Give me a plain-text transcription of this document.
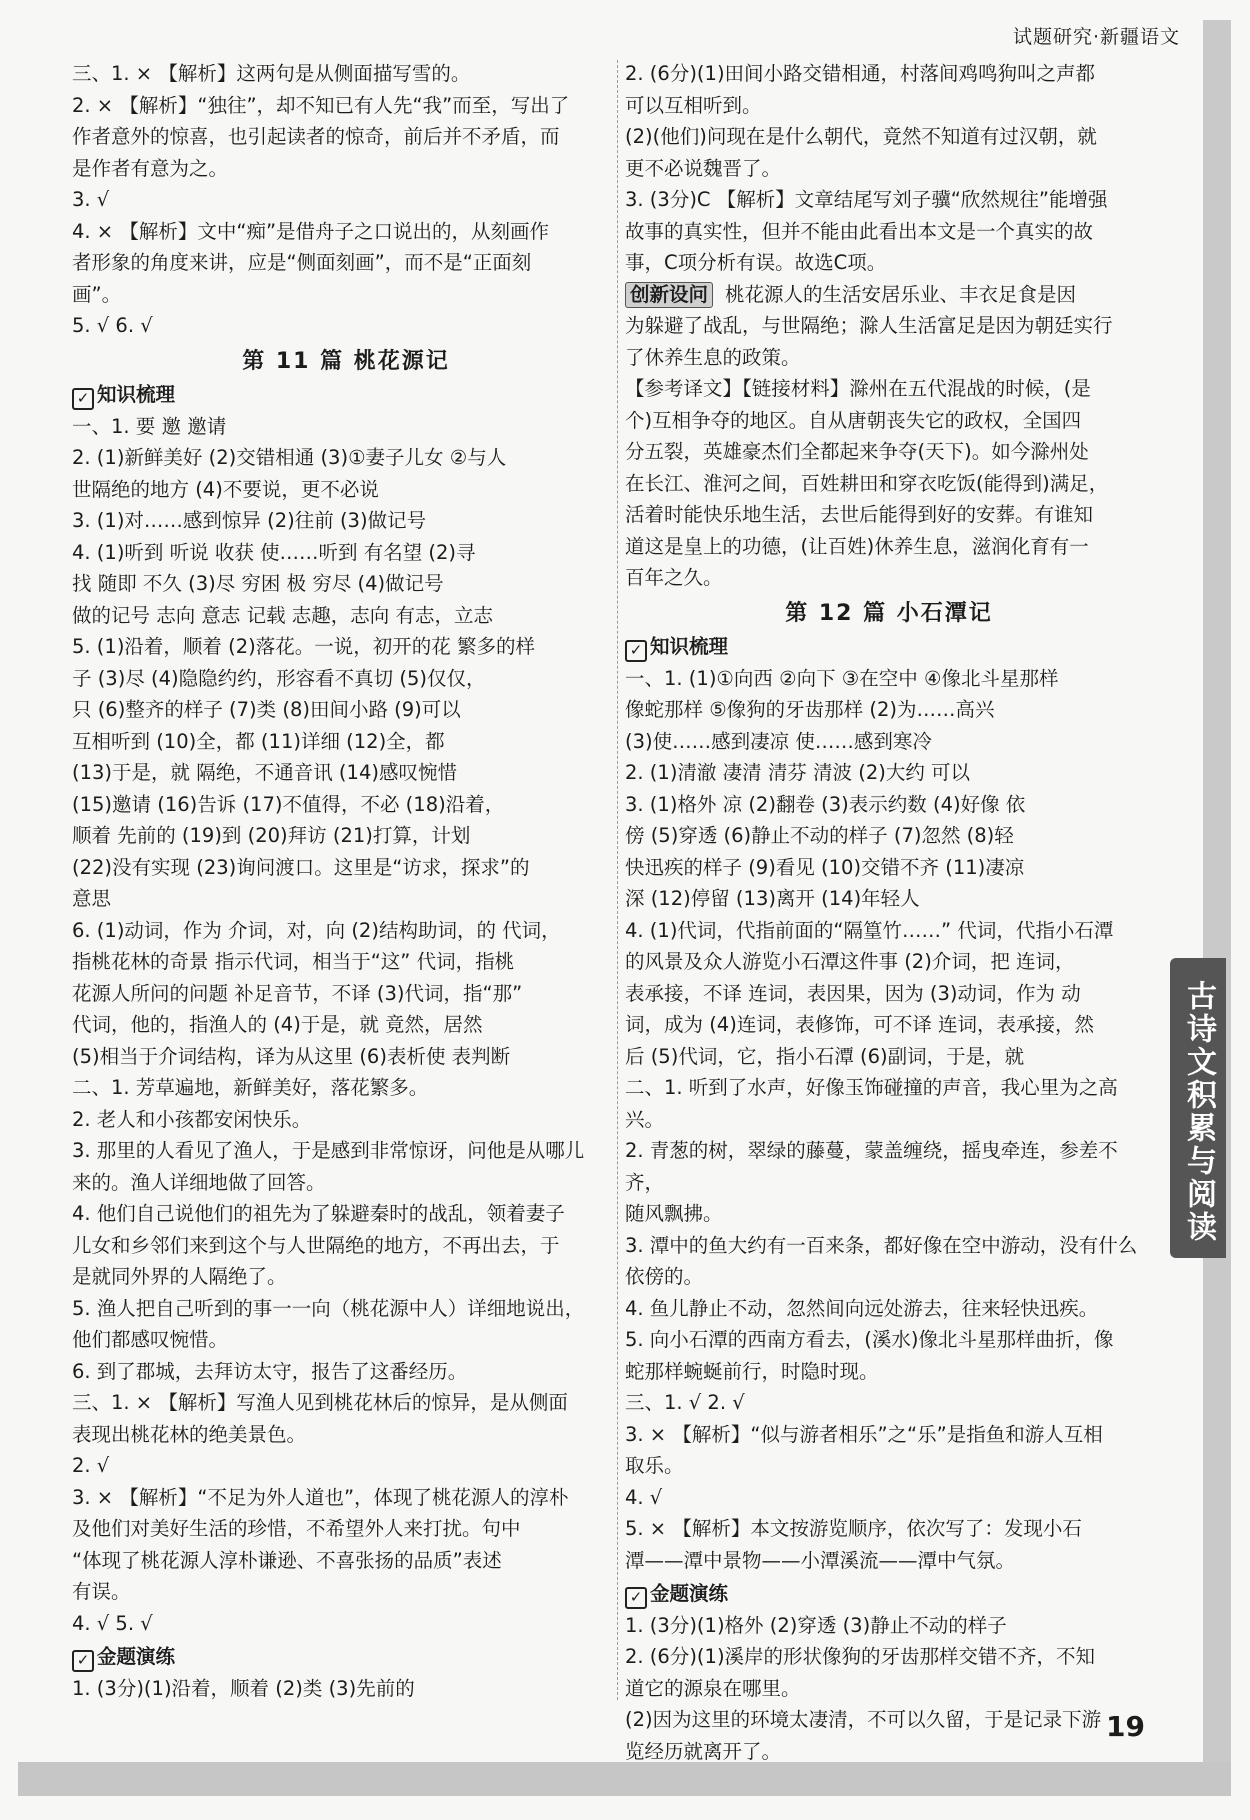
试题研究·新疆语文
三、1. × 【解析】这两句是从侧面描写雪的。
2. × 【解析】“独往”，却不知已有人先“我”而至，写出了
作者意外的惊喜，也引起读者的惊奇，前后并不矛盾，而
是作者有意为之。
3. √
4. × 【解析】文中“痴”是借舟子之口说出的，从刻画作
者形象的角度来讲，应是“侧面刻画”，而不是“正面刻
画”。
5. √ 6. √
第 11 篇 桃花源记
✓ 知识梳理
一、1. 要 邀 邀请
2. (1)新鲜美好 (2)交错相通 (3)①妻子儿女 ②与人
世隔绝的地方 (4)不要说，更不必说
3. (1)对……感到惊异 (2)往前 (3)做记号
4. (1)听到 听说 收获 使……听到 有名望 (2)寻
找 随即 不久 (3)尽 穷困 极 穷尽 (4)做记号
做的记号 志向 意志 记载 志趣，志向 有志，立志
5. (1)沿着，顺着 (2)落花。一说，初开的花 繁多的样
子 (3)尽 (4)隐隐约约，形容看不真切 (5)仅仅，
只 (6)整齐的样子 (7)类 (8)田间小路 (9)可以
互相听到 (10)全，都 (11)详细 (12)全，都
(13)于是，就 隔绝，不通音讯 (14)感叹惋惜
(15)邀请 (16)告诉 (17)不值得，不必 (18)沿着，
顺着 先前的 (19)到 (20)拜访 (21)打算，计划
(22)没有实现 (23)询问渡口。这里是“访求，探求”的
意思
6. (1)动词，作为 介词，对，向 (2)结构助词，的 代词，
指桃花林的奇景 指示代词，相当于“这” 代词，指桃
花源人所问的问题 补足音节，不译 (3)代词，指“那”
代词，他的，指渔人的 (4)于是，就 竟然，居然
(5)相当于介词结构，译为从这里 (6)表析使 表判断
二、1. 芳草遍地，新鲜美好，落花繁多。
2. 老人和小孩都安闲快乐。
3. 那里的人看见了渔人，于是感到非常惊讶，问他是从哪儿
来的。渔人详细地做了回答。
4. 他们自己说他们的祖先为了躲避秦时的战乱，领着妻子
儿女和乡邻们来到这个与人世隔绝的地方，不再出去，于
是就同外界的人隔绝了。
5. 渔人把自己听到的事一一向（桃花源中人）详细地说出，
他们都感叹惋惜。
6. 到了郡城，去拜访太守，报告了这番经历。
三、1. × 【解析】写渔人见到桃花林后的惊异，是从侧面
表现出桃花林的绝美景色。
2. √
3. × 【解析】“不足为外人道也”，体现了桃花源人的淳朴
及他们对美好生活的珍惜，不希望外人来打扰。句中
“体现了桃花源人淳朴谦逊、不喜张扬的品质”表述
有误。
4. √ 5. √
✓ 金题演练
1. (3分)(1)沿着，顺着 (2)类 (3)先前的
2. (6分)(1)田间小路交错相通，村落间鸡鸣狗叫之声都
可以互相听到。
(2)(他们)问现在是什么朝代，竟然不知道有过汉朝，就
更不必说魏晋了。
3. (3分)C 【解析】文章结尾写刘子骥“欣然规往”能增强
故事的真实性，但并不能由此看出本文是一个真实的故
事，C项分析有误。故选C项。
创新设问 桃花源人的生活安居乐业、丰衣足食是因
为躲避了战乱，与世隔绝；滁人生活富足是因为朝廷实行
了休养生息的政策。
【参考译文】【链接材料】滁州在五代混战的时候，(是
个)互相争夺的地区。自从唐朝丧失它的政权，全国四
分五裂，英雄豪杰们全都起来争夺(天下)。如今滁州处
在长江、淮河之间，百姓耕田和穿衣吃饭(能得到)满足，
活着时能快乐地生活，去世后能得到好的安葬。有谁知
道这是皇上的功德，(让百姓)休养生息，滋润化育有一
百年之久。
第 12 篇 小石潭记
✓ 知识梳理
一、1. (1)①向西 ②向下 ③在空中 ④像北斗星那样
像蛇那样 ⑤像狗的牙齿那样 (2)为……高兴
(3)使……感到凄凉 使……感到寒冷
2. (1)清澈 凄清 清芬 清波 (2)大约 可以
3. (1)格外 凉 (2)翻卷 (3)表示约数 (4)好像 依
傍 (5)穿透 (6)静止不动的样子 (7)忽然 (8)轻
快迅疾的样子 (9)看见 (10)交错不齐 (11)凄凉
深 (12)停留 (13)离开 (14)年轻人
4. (1)代词，代指前面的“隔篁竹……” 代词，代指小石潭
的风景及众人游览小石潭这件事 (2)介词，把 连词，
表承接，不译 连词，表因果，因为 (3)动词，作为 动
词，成为 (4)连词，表修饰，可不译 连词，表承接，然
后 (5)代词，它，指小石潭 (6)副词，于是，就
二、1. 听到了水声，好像玉饰碰撞的声音，我心里为之高兴。
2. 青葱的树，翠绿的藤蔓，蒙盖缠绕，摇曳牵连，参差不齐，
随风飘拂。
3. 潭中的鱼大约有一百来条，都好像在空中游动，没有什么
依傍的。
4. 鱼儿静止不动，忽然间向远处游去，往来轻快迅疾。
5. 向小石潭的西南方看去，(溪水)像北斗星那样曲折，像
蛇那样蜿蜒前行，时隐时现。
三、1. √ 2. √
3. × 【解析】“似与游者相乐”之“乐”是指鱼和游人互相
取乐。
4. √
5. × 【解析】本文按游览顺序，依次写了：发现小石
潭——潭中景物——小潭溪流——潭中气氛。
✓ 金题演练
1. (3分)(1)格外 (2)穿透 (3)静止不动的样子
2. (6分)(1)溪岸的形状像狗的牙齿那样交错不齐，不知
道它的源泉在哪里。
(2)因为这里的环境太凄清，不可以久留，于是记录下游
览经历就离开了。
古诗文积累与阅读
19
